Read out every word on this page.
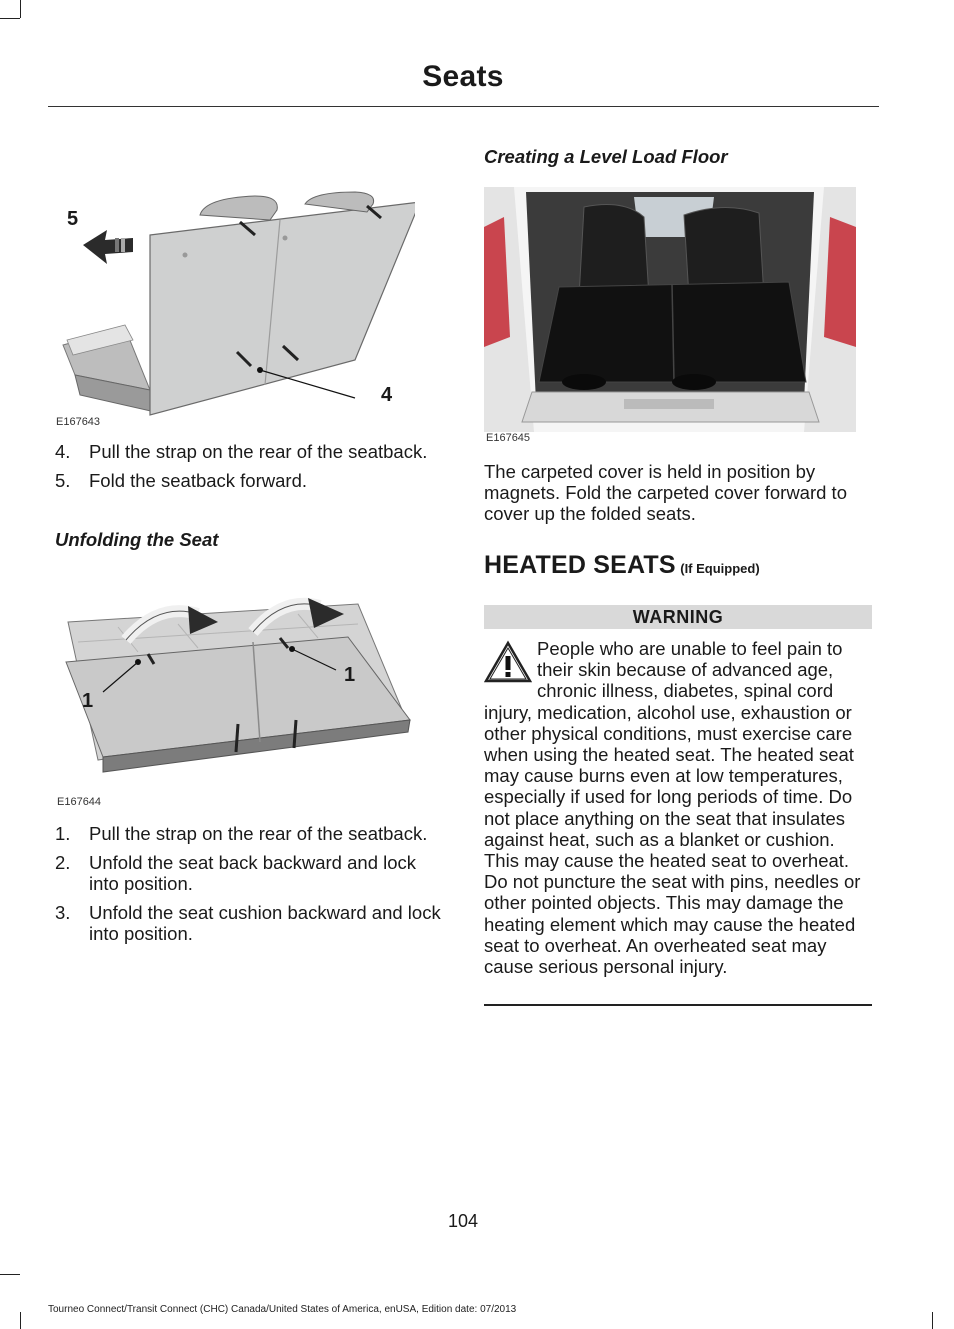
Seats
5
4
E167643
4. Pull the strap on the rear of the seatback.
5. Fold the seatback forward.
Unfolding the Seat
1
1
E167644
1. Pull the strap on the rear of the seatback.
2. Unfold the seat back backward and lock into position.
3. Unfold the seat cushion backward and lock into position.
Creating a Level Load Floor
E167645
The carpeted cover is held in position by magnets. Fold the carpeted cover forward to cover up the folded seats.
HEATED SEATS (If Equipped)
WARNING
People who are unable to feel pain to their skin because of advanced age, chronic illness, diabetes, spinal cord injury, medication, alcohol use, exhaustion or other physical conditions, must exercise care when using the heated seat. The heated seat may cause burns even at low temperatures, especially if used for long periods of time. Do not place anything on the seat that insulates against heat, such as a blanket or cushion. This may cause the heated seat to overheat. Do not puncture the seat with pins, needles or other pointed objects. This may damage the heating element which may cause the heated seat to overheat. An overheated seat may cause serious personal injury.
104
Tourneo Connect/Transit Connect (CHC) Canada/United States of America, enUSA, Edition date: 07/2013
